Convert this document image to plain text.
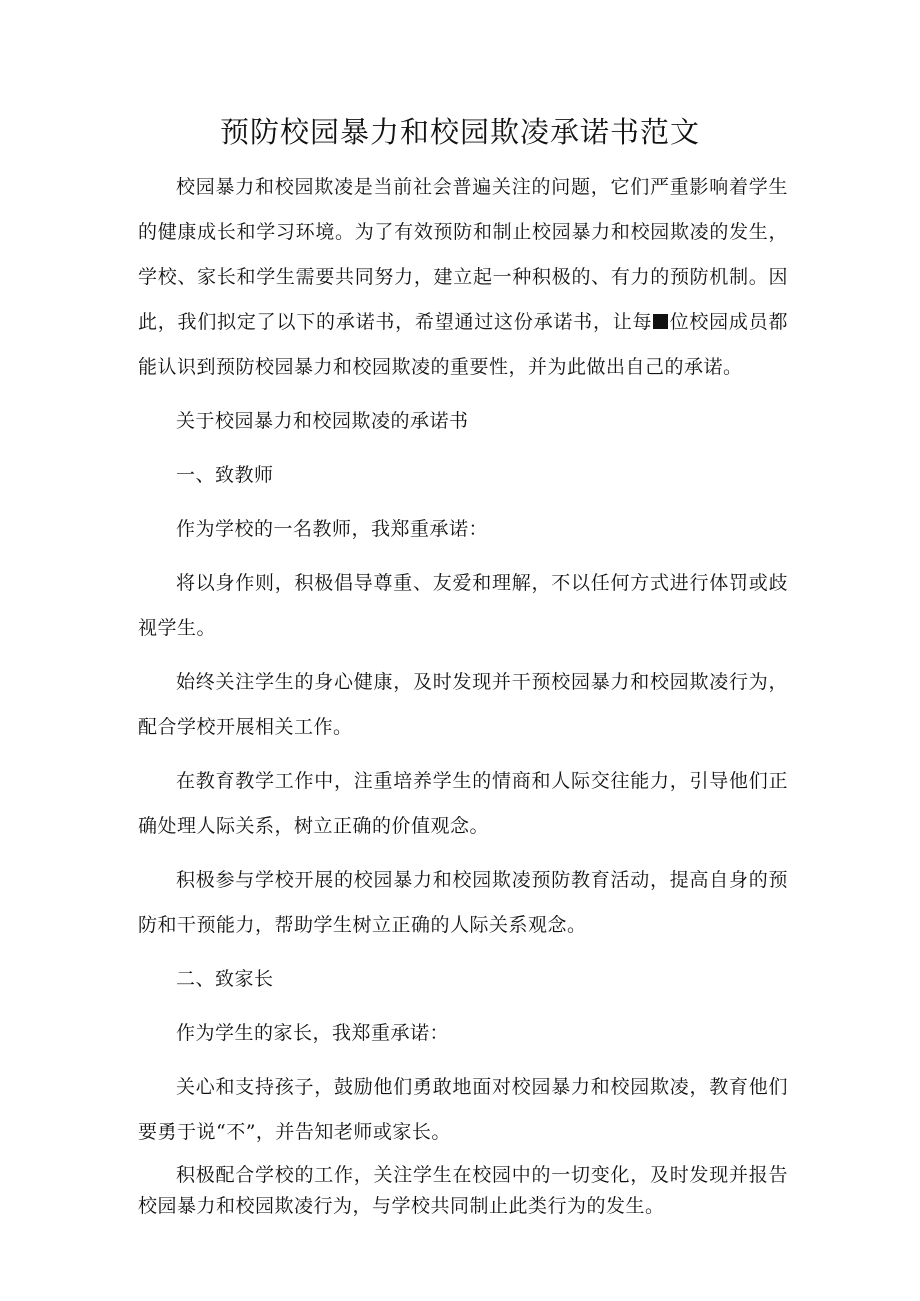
预防校园暴力和校园欺凌承诺书范文

校园暴力和校园欺凌是当前社会普遍关注的问题，它们严重影响着学生的健康成长和学习环境。为了有效预防和制止校园暴力和校园欺凌的发生，学校、家长和学生需要共同努力，建立起一种积极的、有力的预防机制。因此，我们拟定了以下的承诺书，希望通过这份承诺书，让每 位校园成员都能认识到预防校园暴力和校园欺凌的重要性，并为此做出自己的承诺。

关于校园暴力和校园欺凌的承诺书

一、致教师

作为学校的一名教师，我郑重承诺：

将以身作则，积极倡导尊重、友爱和理解，不以任何方式进行体罚或歧视学生。

始终关注学生的身心健康，及时发现并干预校园暴力和校园欺凌行为，配合学校开展相关工作。

在教育教学工作中，注重培养学生的情商和人际交往能力，引导他们正确处理人际关系，树立正确的价值观念。

积极参与学校开展的校园暴力和校园欺凌预防教育活动，提高自身的预防和干预能力，帮助学生树立正确的人际关系观念。

二、致家长

作为学生的家长，我郑重承诺：

关心和支持孩子，鼓励他们勇敢地面对校园暴力和校园欺凌，教育他们要勇于说“不”，并告知老师或家长。

积极配合学校的工作，关注学生在校园中的一切变化，及时发现并报告校园暴力和校园欺凌行为，与学校共同制止此类行为的发生。
